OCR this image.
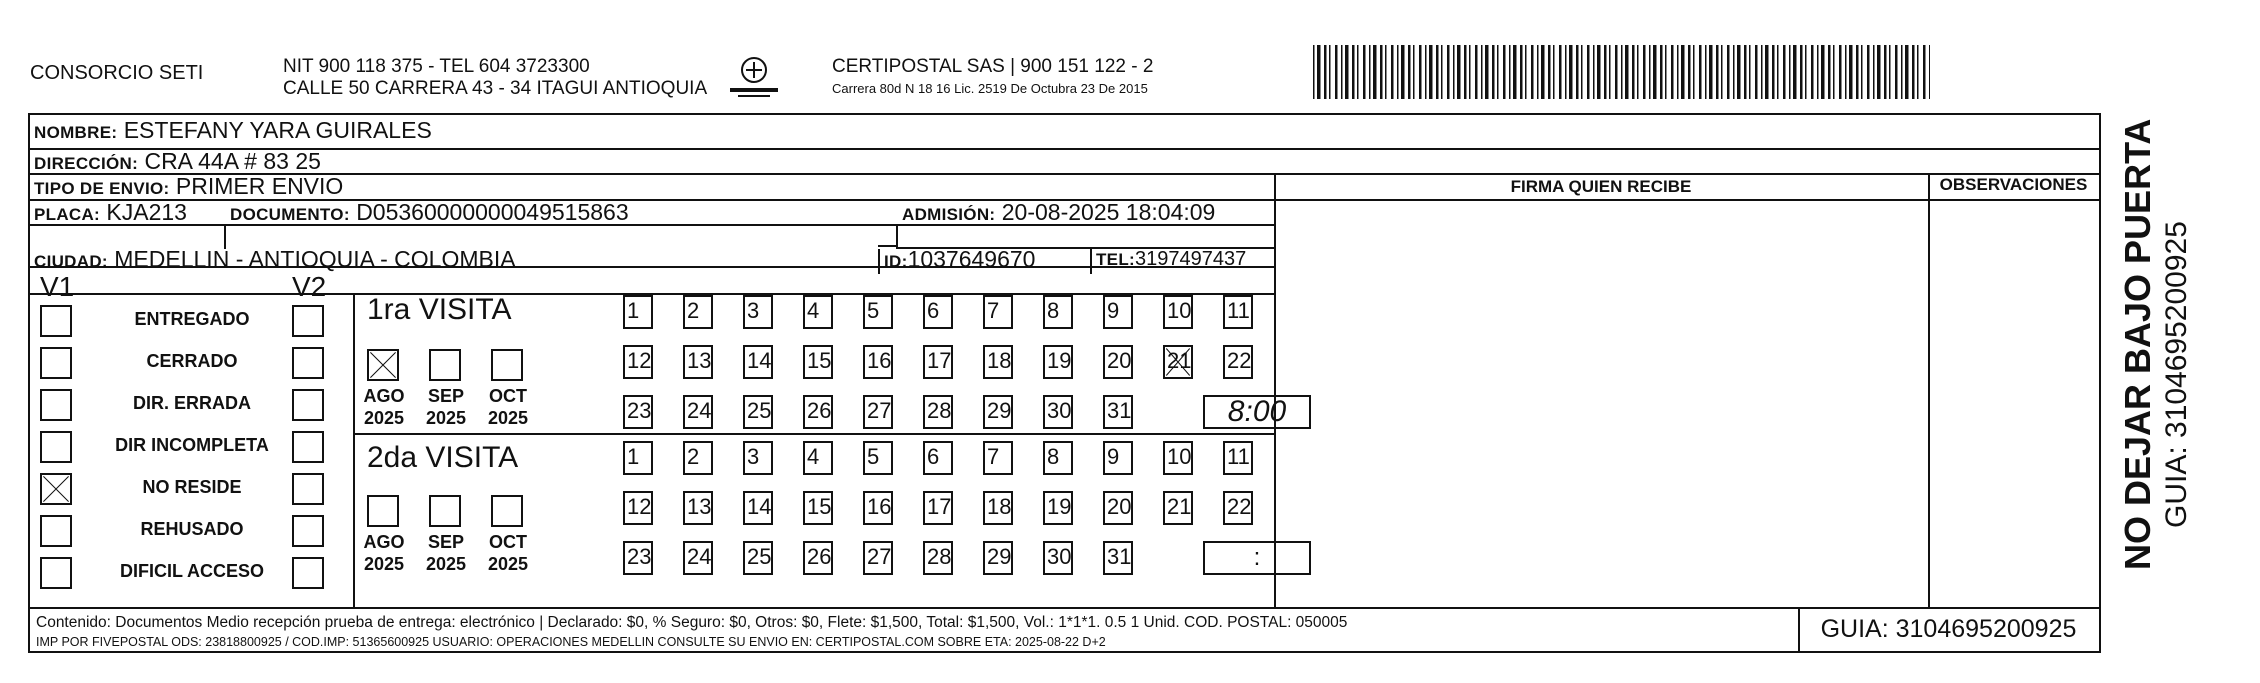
CONSORCIO SETI	NIT 900 118 375 - TEL 604 3723300
CALLE 50 CARRERA 43 - 34 ITAGUI ANTIOQUIA
CERTIPOSTAL SAS | 900 151 122 - 2
Carrera 80d N 18 16 Lic. 2519 De Octubra 23 De 2015
NOMBRE: ESTEFANY YARA GUIRALES
DIRECCIÓN: CRA 44A # 83 25
TIPO DE ENVIO: PRIMER ENVIO	FIRMA QUIEN RECIBE	OBSERVACIONES
PLACA: KJA213	DOCUMENTO: D05360000000049515863	ADMISIÓN: 20-08-2025 18:04:09
CIUDAD: MEDELLIN - ANTIOQUIA - COLOMBIA	ID:1037649670	TEL:3197497437
V1	V2
ENTREGADO
CERRADO
DIR. ERRADA
DIR INCOMPLETA
NO RESIDE
REHUSADO
DIFICIL ACCESO
1ra VISITA
AGO
2025
SEP
2025
OCT
2025
1	2	3	4	5	6	7	8	9	10 11
12 13 14 15 16 17 18 19 20 21 22
23 24 25 26 27 28 29 30 31	8:00
2da VISITA
AGO
2025
SEP
2025
OCT
2025
1	2	3	4	5	6	7	8	9	10 11
12 13 14 15 16 17 18 19 20 21 22
23 24 25 26 27 28 29 30 31	:
Contenido: Documentos Medio recepción prueba de entrega: electrónico | Declarado: $0, % Seguro: $0, Otros: $0, Flete: $1,500, Total: $1,500, Vol.: 1*1*1. 0.5 1 Unid. COD. POSTAL: 050005
IMP POR FIVEPOSTAL ODS: 23818800925 / COD.IMP: 51365600925 USUARIO: OPERACIONES MEDELLIN CONSULTE SU ENVIO EN: CERTIPOSTAL.COM SOBRE ETA: 2025-08-22 D+2	GUIA: 3104695200925
NO DEJAR BAJO PUERTA GUIA: 3104695200925
